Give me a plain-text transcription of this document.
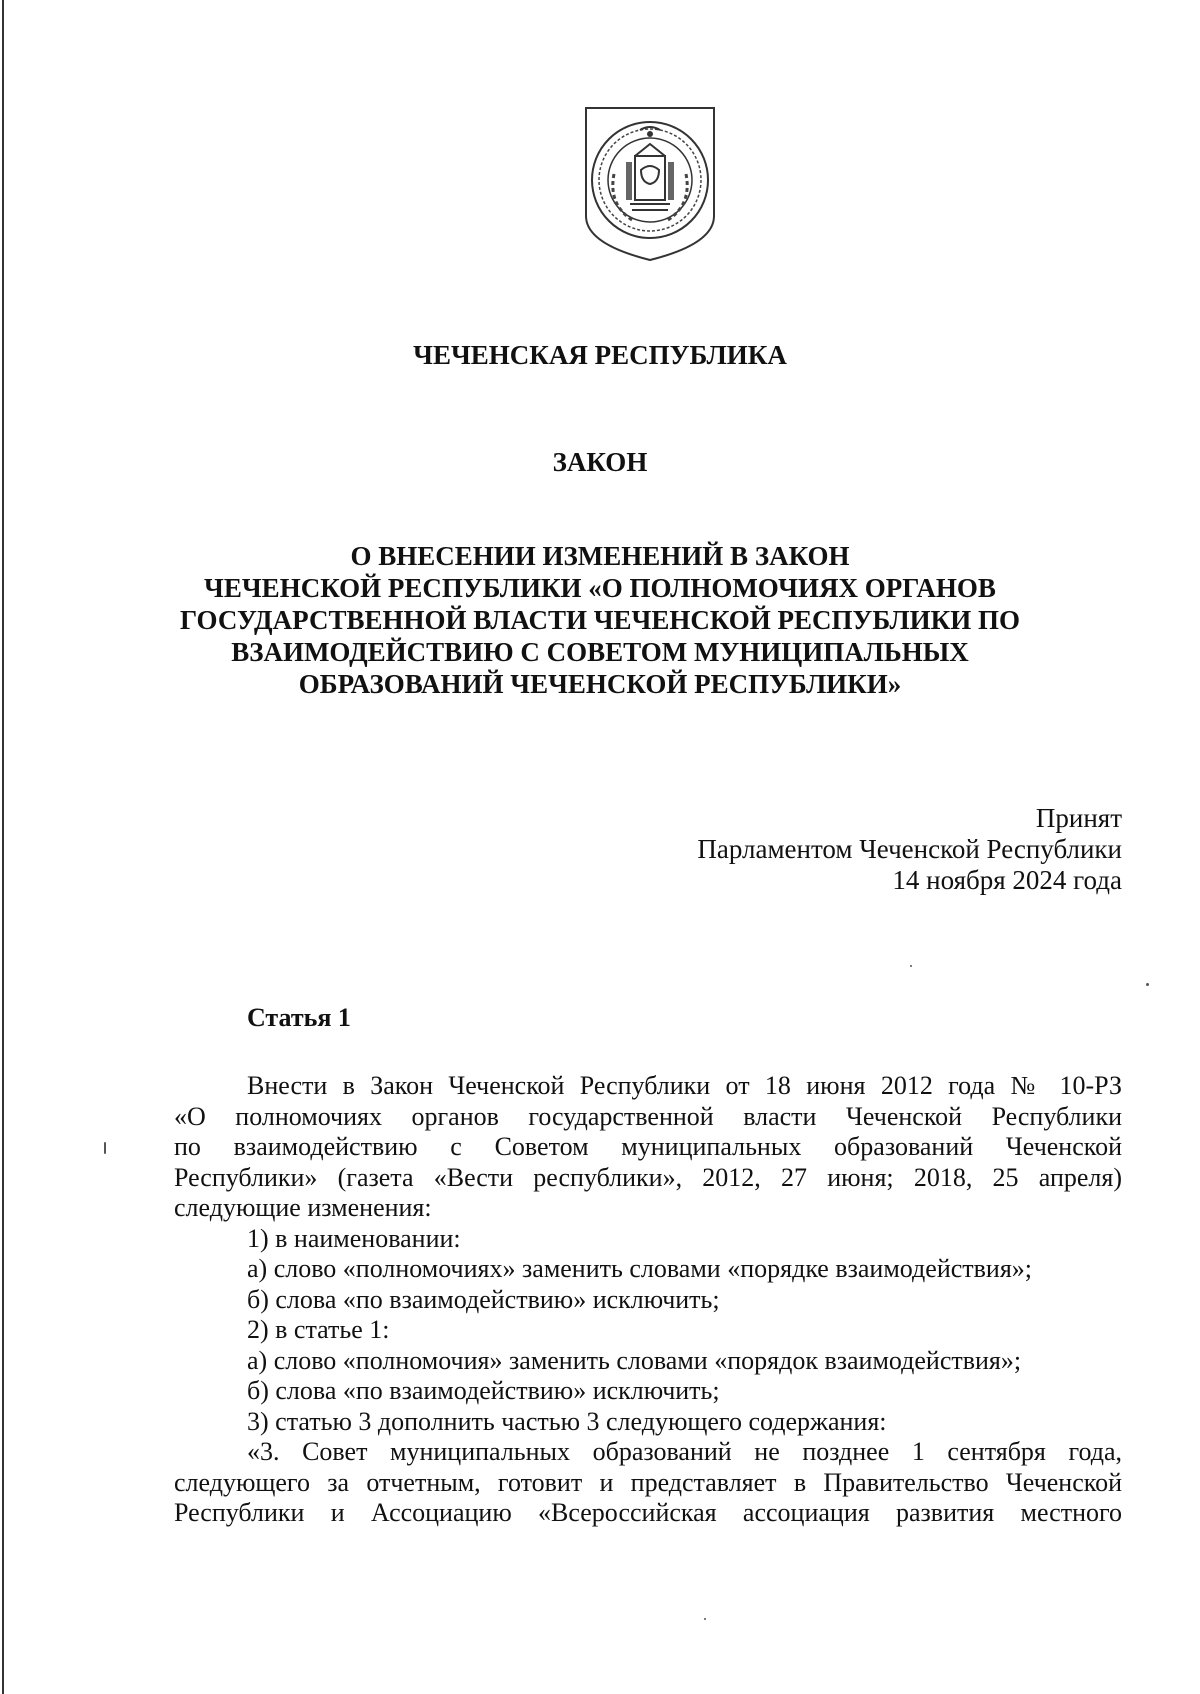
ЧЕЧЕНСКАЯ РЕСПУБЛИКА
ЗАКОН
О ВНЕСЕНИИ ИЗМЕНЕНИЙ В ЗАКОН
ЧЕЧЕНСКОЙ РЕСПУБЛИКИ «О ПОЛНОМОЧИЯХ ОРГАНОВ
ГОСУДАРСТВЕННОЙ ВЛАСТИ ЧЕЧЕНСКОЙ РЕСПУБЛИКИ ПО
ВЗАИМОДЕЙСТВИЮ С СОВЕТОМ МУНИЦИПАЛЬНЫХ
ОБРАЗОВАНИЙ ЧЕЧЕНСКОЙ РЕСПУБЛИКИ»
Принят
Парламентом Чеченской Республики
14 ноября 2024 года
Статья 1

Внести в Закон Чеченской Республики от 18 июня 2012 года № 10-РЗ

«О полномочиях органов государственной власти Чеченской Республики

по взаимодействию с Советом муниципальных образований Чеченской

Республики» (газета «Вести республики», 2012, 27 июня; 2018, 25 апреля)

следующие изменения:

1) в наименовании:

а) слово «полномочиях» заменить словами «порядке взаимодействия»;

б) слова «по взаимодействию» исключить;

2) в статье 1:

а) слово «полномочия» заменить словами «порядок взаимодействия»;

б) слова «по взаимодействию» исключить;

3) статью 3 дополнить частью 3 следующего содержания:

«3. Совет муниципальных образований не позднее 1 сентября года,

следующего за отчетным, готовит и представляет в Правительство Чеченской

Республики и Ассоциацию «Всероссийская ассоциация развития местного
